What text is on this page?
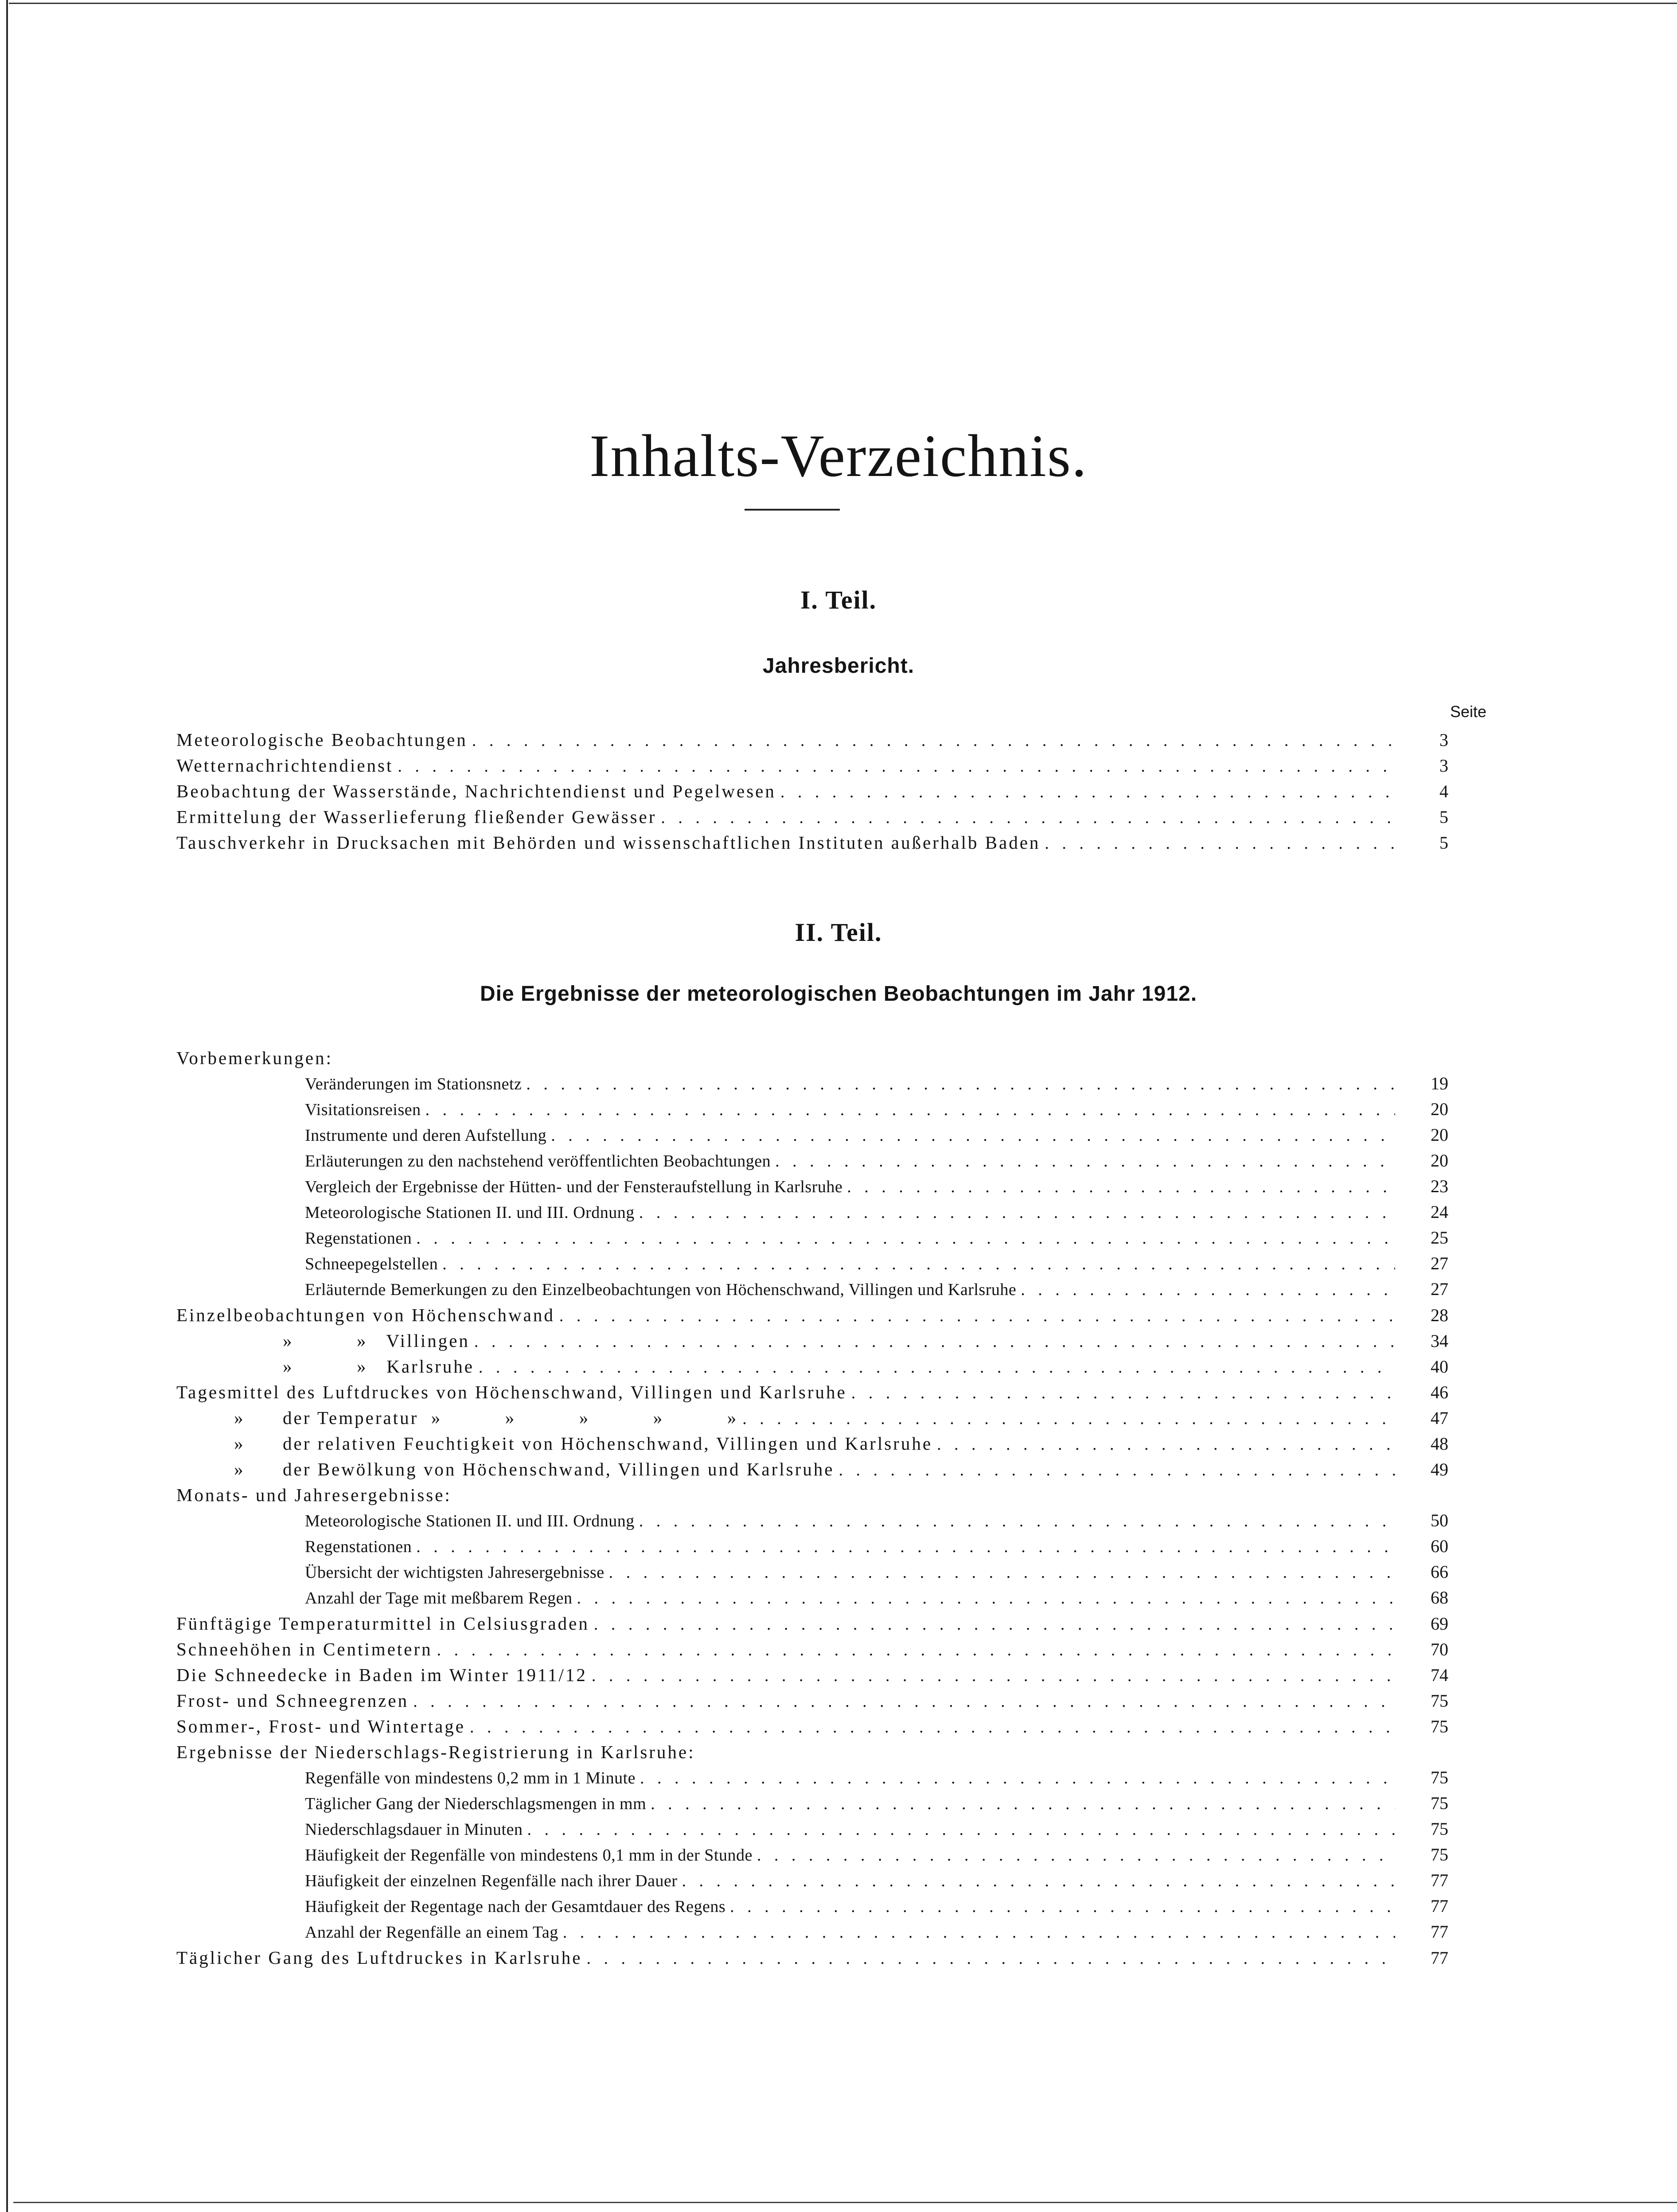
Inhalts-Verzeichnis.
I. Teil.
Jahresbericht.
Seite
Meteorologische Beobachtungen . . .	3
Wetternachrichtendienst . . .	3
Beobachtung der Wasserstände, Nachrichtendienst und Pegelwesen . . .	4
Ermittelung der Wasserlieferung fließender Gewässer . . .	5
Tauschverkehr in Drucksachen mit Behörden und wissenschaftlichen Instituten außerhalb Baden . . .	5
II. Teil.
Die Ergebnisse der meteorologischen Beobachtungen im Jahr 1912.
Vorbemerkungen:
Veränderungen im Stationsnetz . . .	19
Visitationsreisen . . .	20
Instrumente und deren Aufstellung . . .	20
Erläuterungen zu den nachstehend veröffentlichten Beobachtungen . . .	20
Vergleich der Ergebnisse der Hütten- und der Fensteraufstellung in Karlsruhe . . .	23
Meteorologische Stationen II. und III. Ordnung . . .	24
Regenstationen . . .	25
Schneepegelstellen . . .	27
Erläuternde Bemerkungen zu den Einzelbeobachtungen von Höchenschwand, Villingen und Karlsruhe . . .	27
Einzelbeobachtungen von Höchenschwand . . .	28
»          »   Villingen . . .	34
»          »   Karlsruhe . . .	40
Tagesmittel des Luftdruckes von Höchenschwand, Villingen und Karlsruhe . . .	46
»      der Temperatur  »          »          »          »          » . . .	47
»      der relativen Feuchtigkeit von Höchenschwand, Villingen und Karlsruhe . . .	48
»      der Bewölkung von Höchenschwand, Villingen und Karlsruhe . . .	49
Monats- und Jahresergebnisse:
Meteorologische Stationen II. und III. Ordnung . . .	50
Regenstationen . . .	60
Übersicht der wichtigsten Jahresergebnisse . . .	66
Anzahl der Tage mit meßbarem Regen . . .	68
Fünftägige Temperaturmittel in Celsiusgraden . . .	69
Schneehöhen in Centimetern . . .	70
Die Schneedecke in Baden im Winter 1911/12 . . .	74
Frost- und Schneegrenzen . . .	75
Sommer-, Frost- und Wintertage . . .	75
Ergebnisse der Niederschlags-Registrierung in Karlsruhe:
Regenfälle von mindestens 0,2 mm in 1 Minute . . .	75
Täglicher Gang der Niederschlagsmengen in mm . . .	75
Niederschlagsdauer in Minuten . . .	75
Häufigkeit der Regenfälle von mindestens 0,1 mm in der Stunde . . .	75
Häufigkeit der einzelnen Regenfälle nach ihrer Dauer . . .	77
Häufigkeit der Regentage nach der Gesamtdauer des Regens . . .	77
Anzahl der Regenfälle an einem Tag . . .	77
Täglicher Gang des Luftdruckes in Karlsruhe . . .	77
